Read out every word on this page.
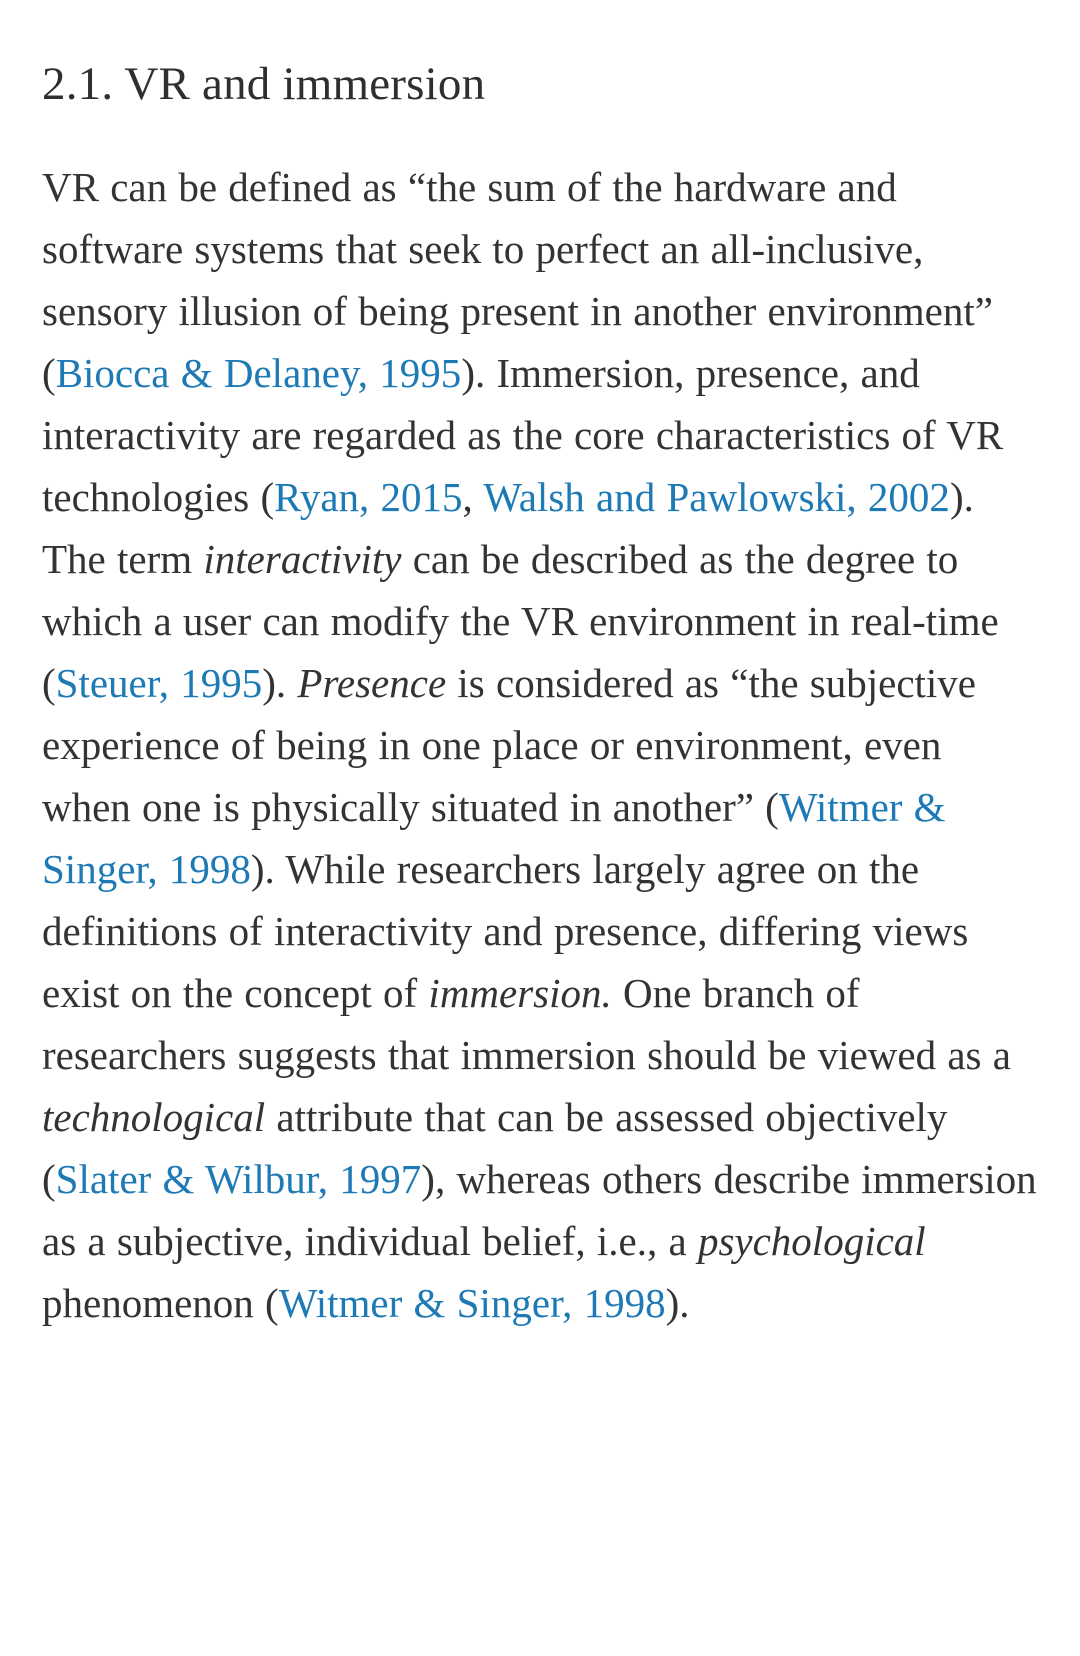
2.1. VR and immersion
VR can be defined as “the sum of the hardware and software systems that seek to perfect an all-inclusive, sensory illusion of being present in another environment” (Biocca & Delaney, 1995). Immersion, presence, and interactivity are regarded as the core characteristics of VR technologies (Ryan, 2015, Walsh and Pawlowski, 2002). The term interactivity can be described as the degree to which a user can modify the VR environment in real-time (Steuer, 1995). Presence is considered as “the subjective experience of being in one place or environment, even when one is physically situated in another” (Witmer & Singer, 1998). While researchers largely agree on the definitions of interactivity and presence, differing views exist on the concept of immersion. One branch of researchers suggests that immersion should be viewed as a technological attribute that can be assessed objectively (Slater & Wilbur, 1997), whereas others describe immersion as a subjective, individual belief, i.e., a psychological phenomenon (Witmer & Singer, 1998).
